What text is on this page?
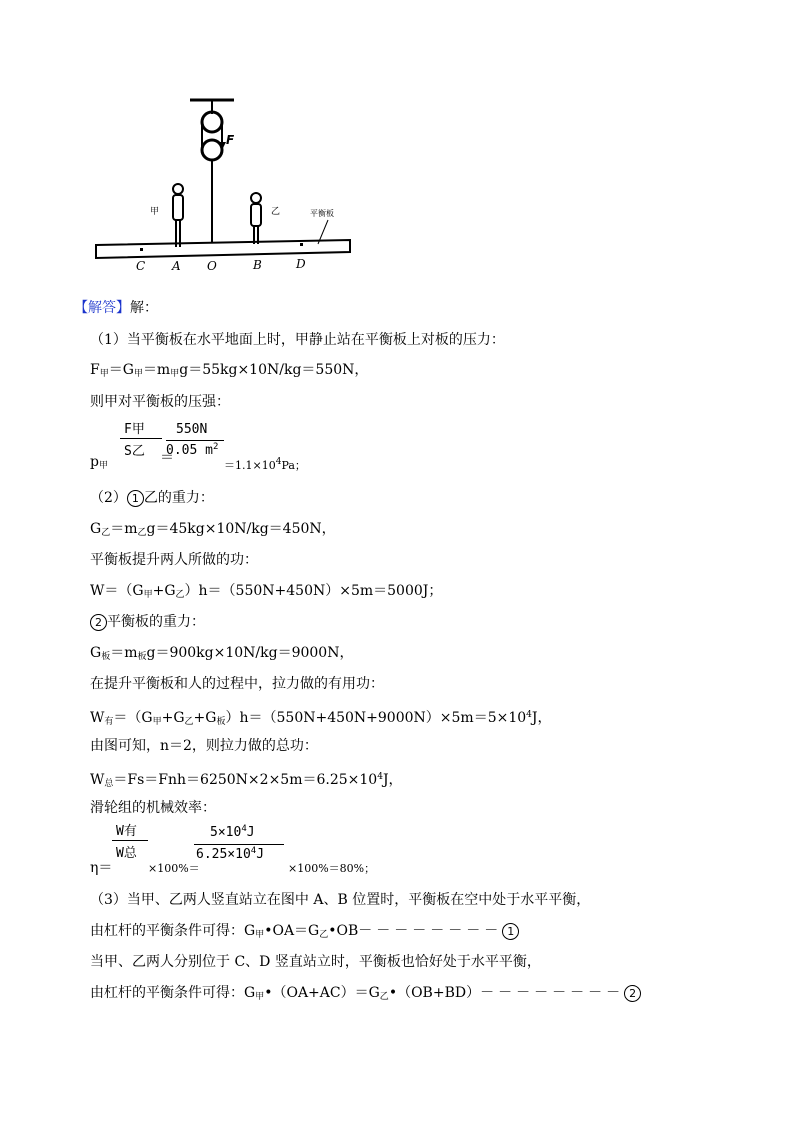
F
甲	乙	平衡板
C A O	B	D
【解答】解：
（1）当平衡板在水平地面上时，甲静止站在平衡板上对板的压力：
$F_甲=G_甲=m_甲g=55kg\times 10N/kg=550N$，
则甲对平衡板的压强：
$p_甲$
F甲
S乙 ＝
550N
0.05 $m^2$
$=1.1\times 10^4Pa$；
（2） 1 乙的重力：
$G_乙=m_乙g=45kg\times 10N/kg=450N$，
平衡板提升两人所做的功：
$W=(G_甲+G_乙)h=(550N+450N)\times 5m=5000J$；
2 平衡板的重力：
$G_板=m_板g=900kg\times 10N/kg=9000N$，
在提升平衡板和人的过程中，拉力做的有用功：
$W_有=(G_甲+G_乙+G_板)h=(550N+450N+9000N)\times 5m=5\times 10^4J$，
由图可知，n＝2，则拉力做的总功：
$W_总=Fs=Fnh=6250N\times 2\times 5m=6.25\times 10^4J$，
滑轮组的机械效率：
η＝
W有
W总
×100%＝
$5\times 10^4J$
$6.25\times 10^4J$
×100%＝80%；
（3）当甲、乙两人竖直站立在图中 A、B 位置时，平衡板在空中处于水平平衡，
由杠杆的平衡条件可得：$G_甲•OA=G_乙•OB-------- 1$
当甲、乙两人分别位于 C、D 竖直站立时，平衡板也恰好处于水平平衡，
由杠杆的平衡条件可得：$G_甲•(OA+AC)=G_乙•(OB+BD)-------- 2$
